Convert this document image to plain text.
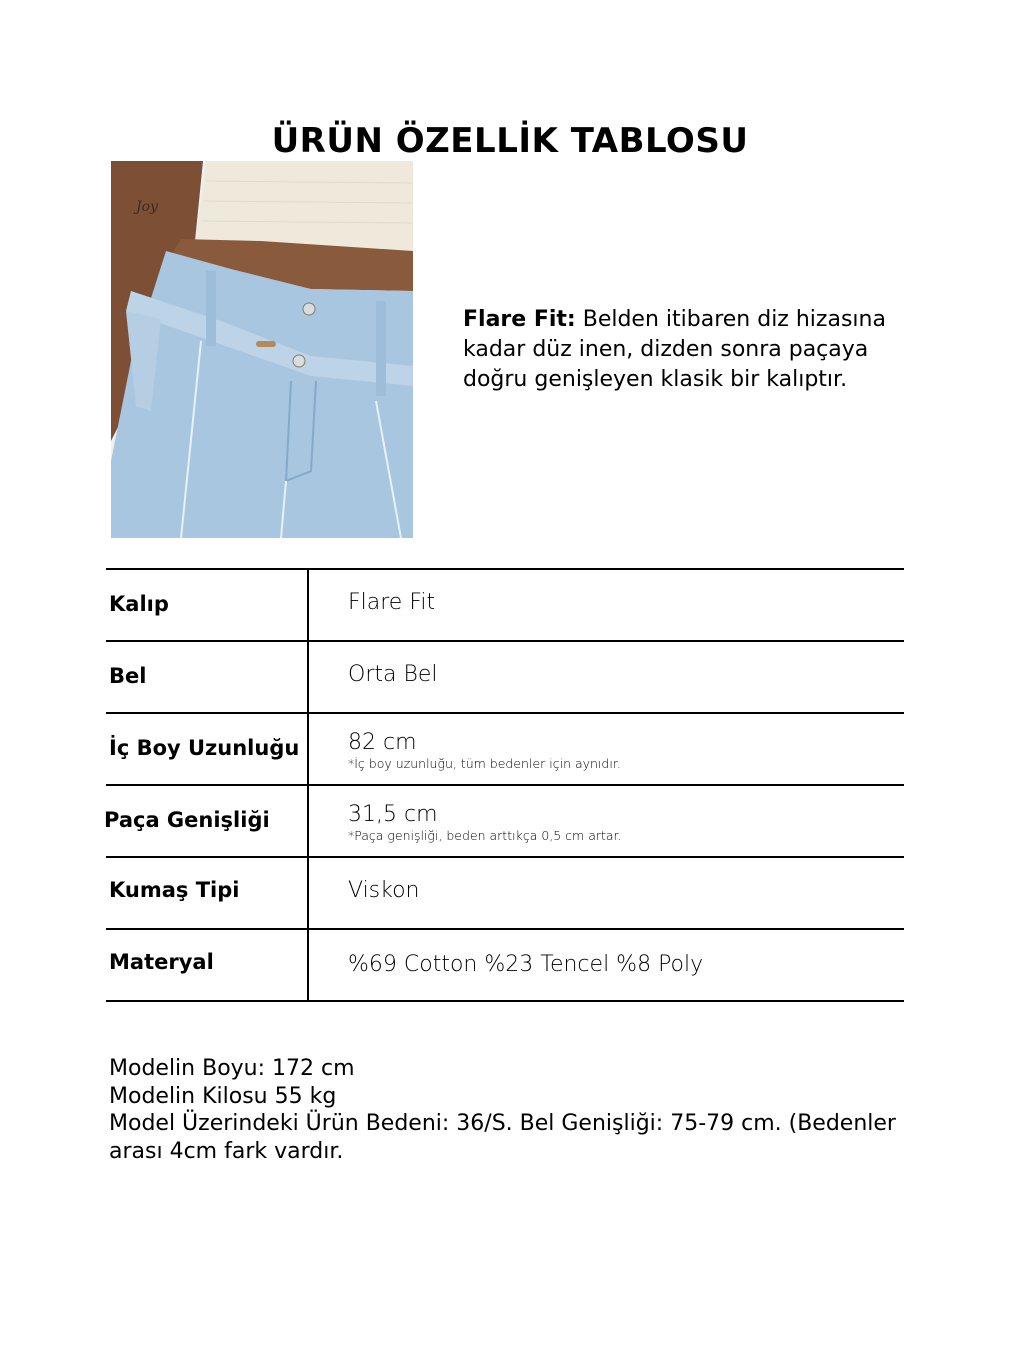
ÜRÜN ÖZELLİK TABLOSU
Joy
Flare Fit: Belden itibaren diz hizasına kadar düz inen, dizden sonra paçaya doğru genişleyen klasik bir kalıptır.
Kalıp	Flare Fit
Bel	Orta Bel
İç Boy Uzunluğu 82 cm
*İç boy uzunluğu, tüm bedenler için aynıdır.
Paça Genişliği	31,5 cm
*Paça genişliği, beden arttıkça 0,5 cm artar.
Kumaş Tipi	Viskon
Materyal	%69 Cotton %23 Tencel %8 Poly
Modelin Boyu: 172 cm
Modelin Kilosu 55 kg
Model Üzerindeki Ürün Bedeni: 36/S. Bel Genişliği: 75-79 cm. (Bedenler
arası 4cm fark vardır.
